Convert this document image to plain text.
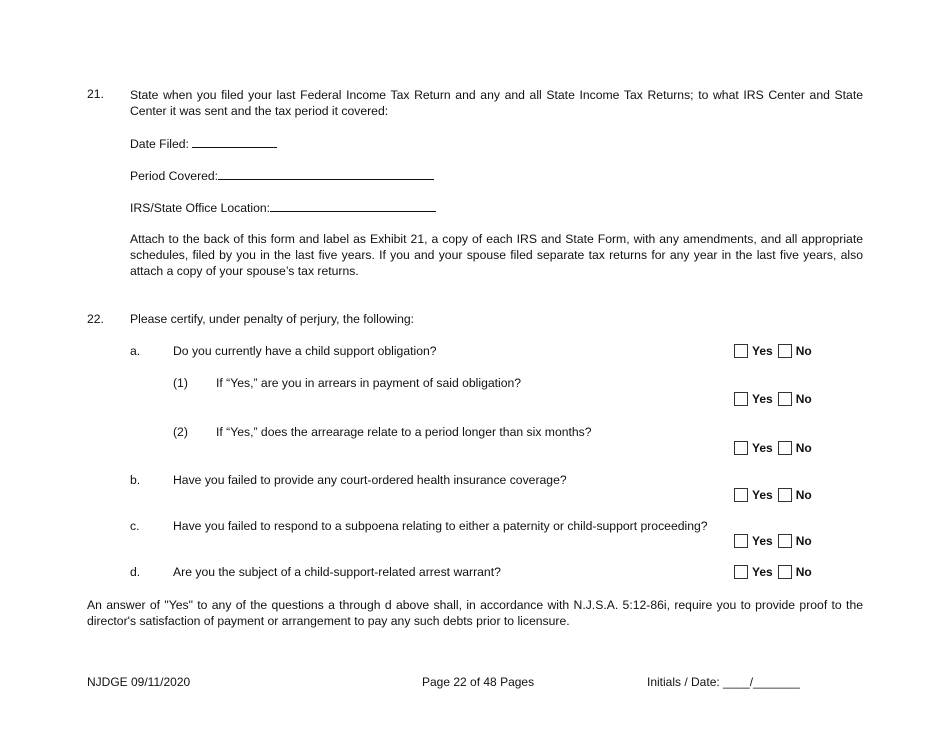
21. State when you filed your last Federal Income Tax Return and any and all State Income Tax Returns; to what IRS Center and State Center it was sent and the tax period it covered:
Date Filed:
Period Covered:
IRS/State Office Location:
Attach to the back of this form and label as Exhibit 21, a copy of each IRS and State Form, with any amendments, and all appropriate schedules, filed by you in the last five years. If you and your spouse filed separate tax returns for any year in the last five years, also attach a copy of your spouse’s tax returns.
22. Please certify, under penalty of perjury, the following:
a.	Do you currently have a child support obligation?	Yes No
(1) If “Yes,” are you in arrears in payment of said obligation?
Yes No
(2) If “Yes,” does the arrearage relate to a period longer than six months?
Yes No
b.	Have you failed to provide any court-ordered health insurance coverage?
Yes No
c.	Have you failed to respond to a subpoena relating to either a paternity or child-support proceeding?
Yes No
d.	Are you the subject of a child-support-related arrest warrant?	Yes No
An answer of "Yes" to any of the questions a through d above shall, in accordance with N.J.S.A. 5:12-86i, require you to provide proof to the director's satisfaction of payment or arrangement to pay any such debts prior to licensure.
NJDGE 09/11/2020	Page 22 of 48 Pages	Initials / Date: ____/_______
